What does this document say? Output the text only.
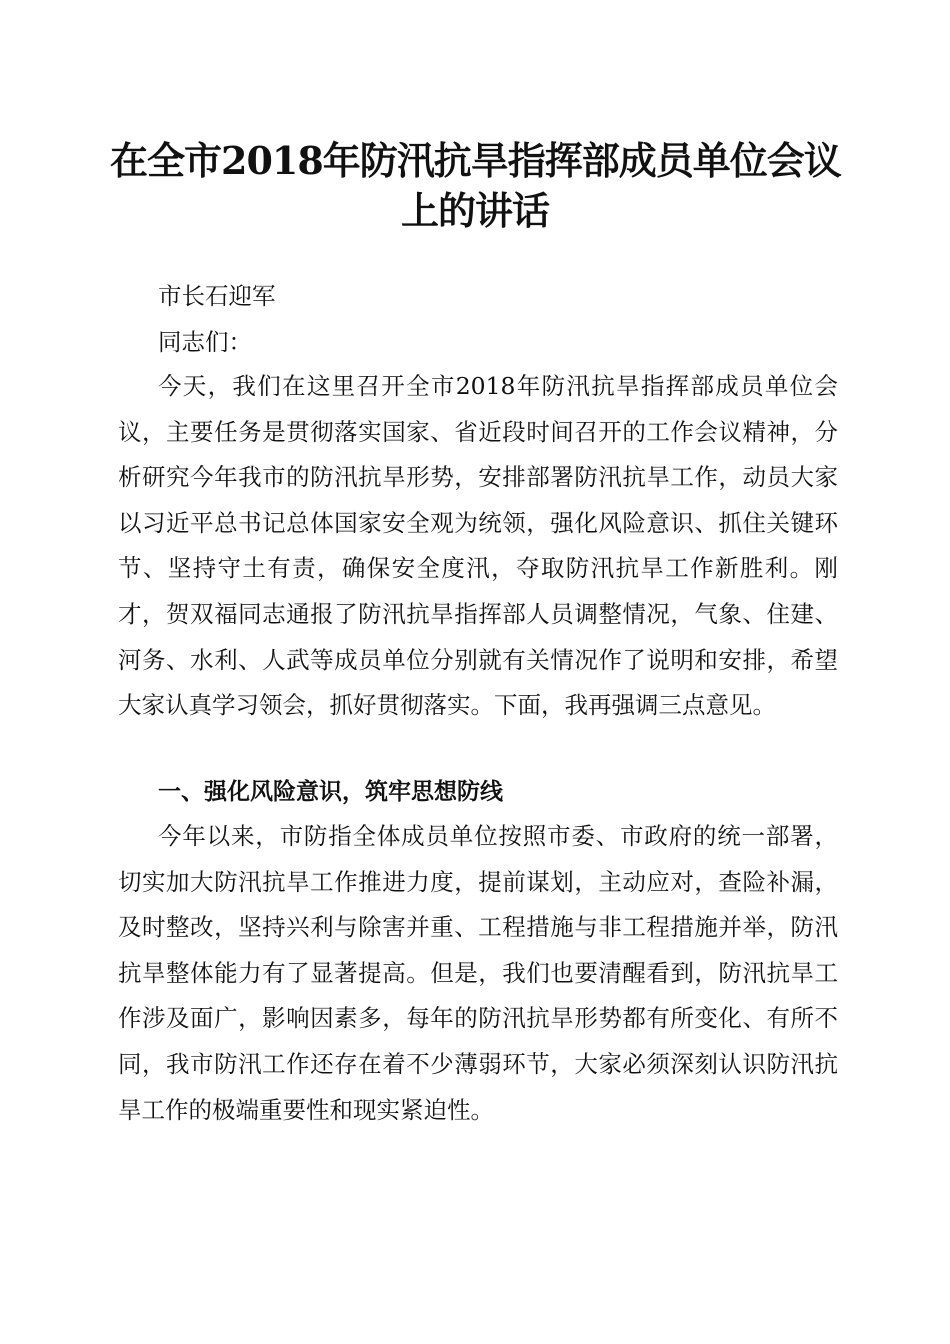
在全市2018年防汛抗旱指挥部成员单位会议
上的讲话

市长石迎军

同志们：

今天，我们在这里召开全市2018年防汛抗旱指挥部成员单位会议，主要任务是贯彻落实国家、省近段时间召开的工作会议精神，分析研究今年我市的防汛抗旱形势，安排部署防汛抗旱工作，动员大家以习近平总书记总体国家安全观为统领，强化风险意识、抓住关键环节、坚持守土有责，确保安全度汛，夺取防汛抗旱工作新胜利。刚才，贺双福同志通报了防汛抗旱指挥部人员调整情况，气象、住建、河务、水利、人武等成员单位分别就有关情况作了说明和安排，希望大家认真学习领会，抓好贯彻落实。下面，我再强调三点意见。

一、强化风险意识，筑牢思想防线

今年以来，市防指全体成员单位按照市委、市政府的统一部署，切实加大防汛抗旱工作推进力度，提前谋划，主动应对，查险补漏，及时整改，坚持兴利与除害并重、工程措施与非工程措施并举，防汛抗旱整体能力有了显著提高。但是，我们也要清醒看到，防汛抗旱工作涉及面广，影响因素多，每年的防汛抗旱形势都有所变化、有所不同，我市防汛工作还存在着不少薄弱环节，大家必须深刻认识防汛抗旱工作的极端重要性和现实紧迫性。
